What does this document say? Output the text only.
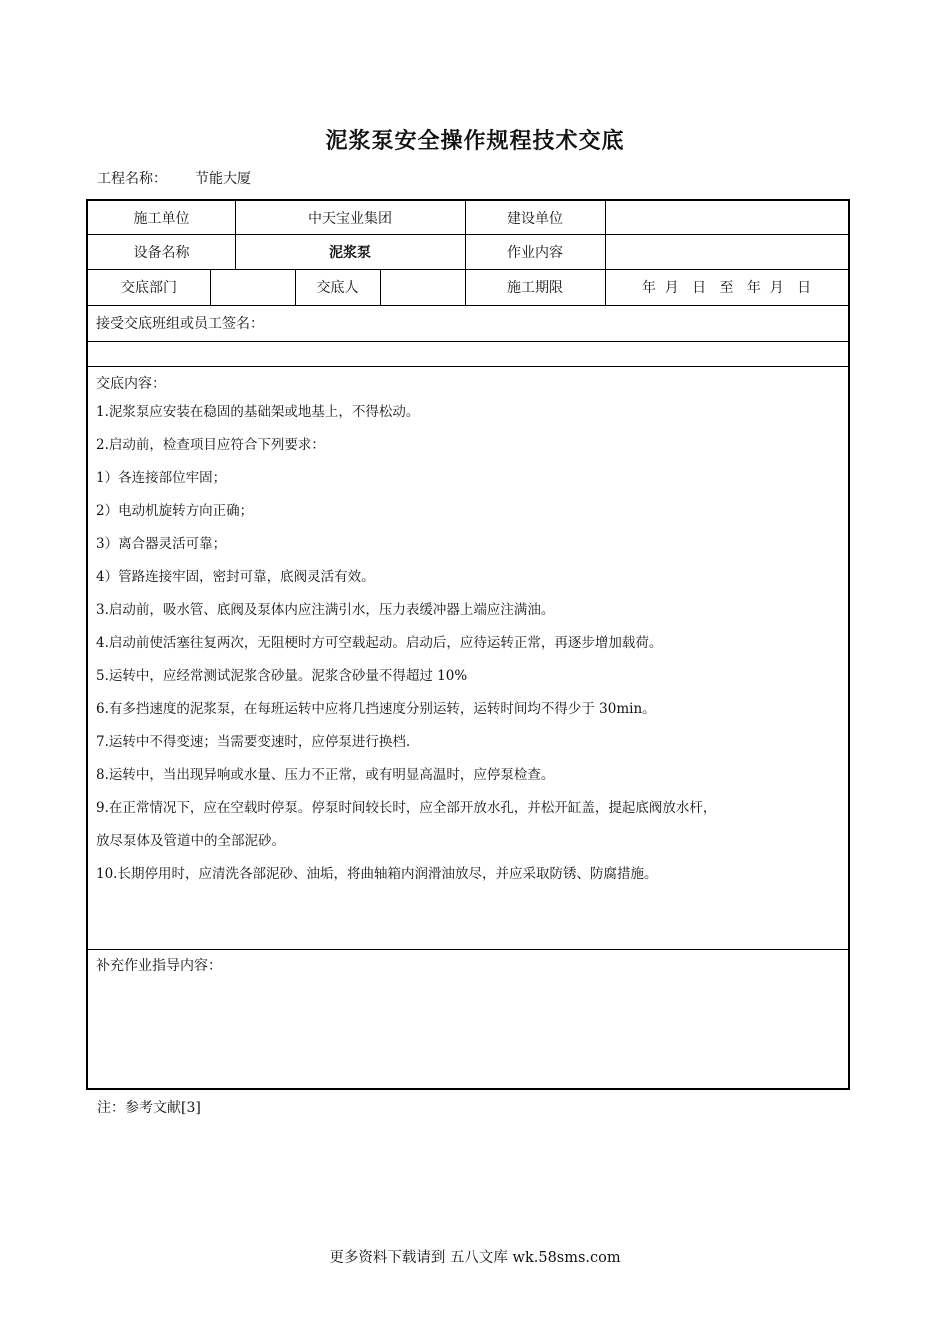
泥浆泵安全操作规程技术交底
工程名称： 节能大厦
施工单位	中天宝业集团	建设单位
设备名称	泥浆泵	作业内容
交底部门	交底人	施工期限	年  月   日   至   年  月   日
接受交底班组或员工签名：
交底内容：
1.泥浆泵应安装在稳固的基础架或地基上，不得松动。
2.启动前，检查项目应符合下列要求：
1）各连接部位牢固；
2）电动机旋转方向正确；
3）离合器灵活可靠；
4）管路连接牢固，密封可靠，底阀灵活有效。
3.启动前，吸水管、底阀及泵体内应注满引水，压力表缓冲器上端应注满油。
4.启动前使活塞往复两次，无阻梗时方可空载起动。启动后，应待运转正常，再逐步增加载荷。
5.运转中，应经常测试泥浆含砂量。泥浆含砂量不得超过 10%
6.有多挡速度的泥浆泵，在每班运转中应将几挡速度分别运转，运转时间均不得少于 30min。
7.运转中不得变速；当需要变速时，应停泵进行换档.
8.运转中，当出现异响或水量、压力不正常，或有明显高温时，应停泵检查。
9.在正常情况下，应在空载时停泵。停泵时间较长时，应全部开放水孔，并松开缸盖，提起底阀放水杆，
放尽泵体及管道中的全部泥砂。
10.长期停用时，应清洗各部泥砂、油垢，将曲轴箱内润滑油放尽，并应采取防锈、防腐措施。
补充作业指导内容：
注：参考文献[3]
更多资料下载请到 五八文库 wk.58sms.com
